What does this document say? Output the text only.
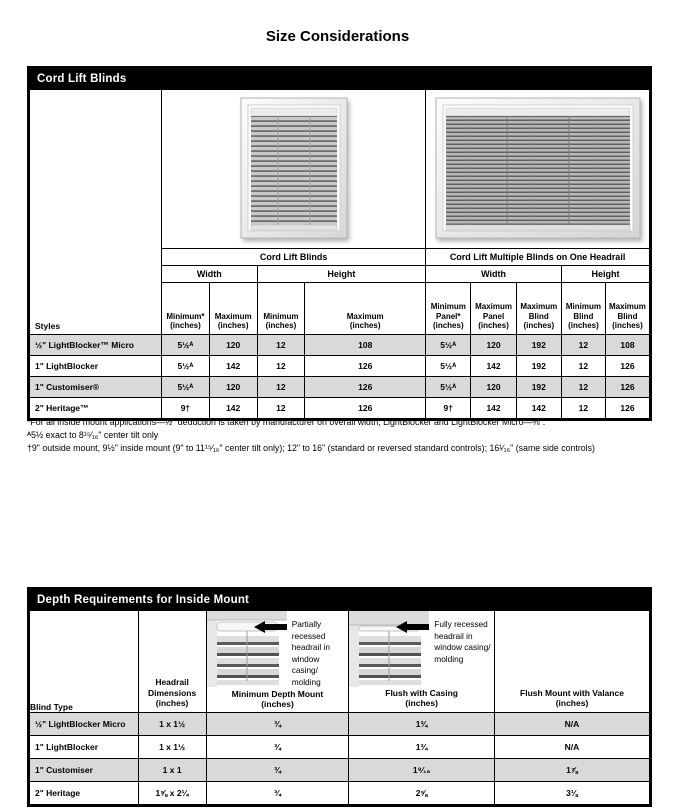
Size Considerations
Cord Lift Blinds									
Styles		
	Cord Lift Blinds				Cord Lift Multiple Blinds on One Headrail				
	Width		Height		Width			Height	

Minimum*
(inches)

Maximum
(inches)

Minimum
(inches)

Maximum
(inches)

Minimum
Panel*
(inches)

Maximum
Panel
(inches)

Maximum
Blind
(inches)

Minimum
Blind
(inches)

Maximum
Blind
(inches)

½" LightBlocker™ Micro	5½ᴬ	120	12	108	5½ᴬ	120	192	12	108
1" LightBlocker	5½ᴬ	142	12	126	5½ᴬ	142	192	12	126
1" Customiser®	5½ᴬ	120	12	126	5½ᴬ	120	192	12	126
2" Heritage™	9†	142	12	126	9†	142	142	12	126
*For all inside mount applications—½" deduction is taken by manufacturer on overall width; LightBlocker and LightBlocker Micro—⅜".
ᴬ5½ exact to 8¹⁵⁄₁₆" center tilt only
†9" outside mount, 9½" inside mount (9" to 11¹⁵⁄₁₆" center tilt only); 12" to 16" (standard or reversed standard controls); 16¹⁄₁₆" (same side controls)
Depth Requirements for Inside Mount				
Blind Type	
Headrail
Dimensions
(inches)

Partially recessed headrail in window casing/ molding
Minimum Depth Mount
(inches)

Fully recessed headrail in window casing/ molding
Flush with Casing
(inches)

Flush Mount with Valance
(inches)

½" LightBlocker Micro	1 x 1½	¾	1¾	N/A
1" LightBlocker	1 x 1½	¾	1¾	N/A
1" Customiser	1 x 1	¾	1⁹⁄₁₆	1⅞
2" Heritage	1⅝ x 2¼	¾	2⅝	3⅛
